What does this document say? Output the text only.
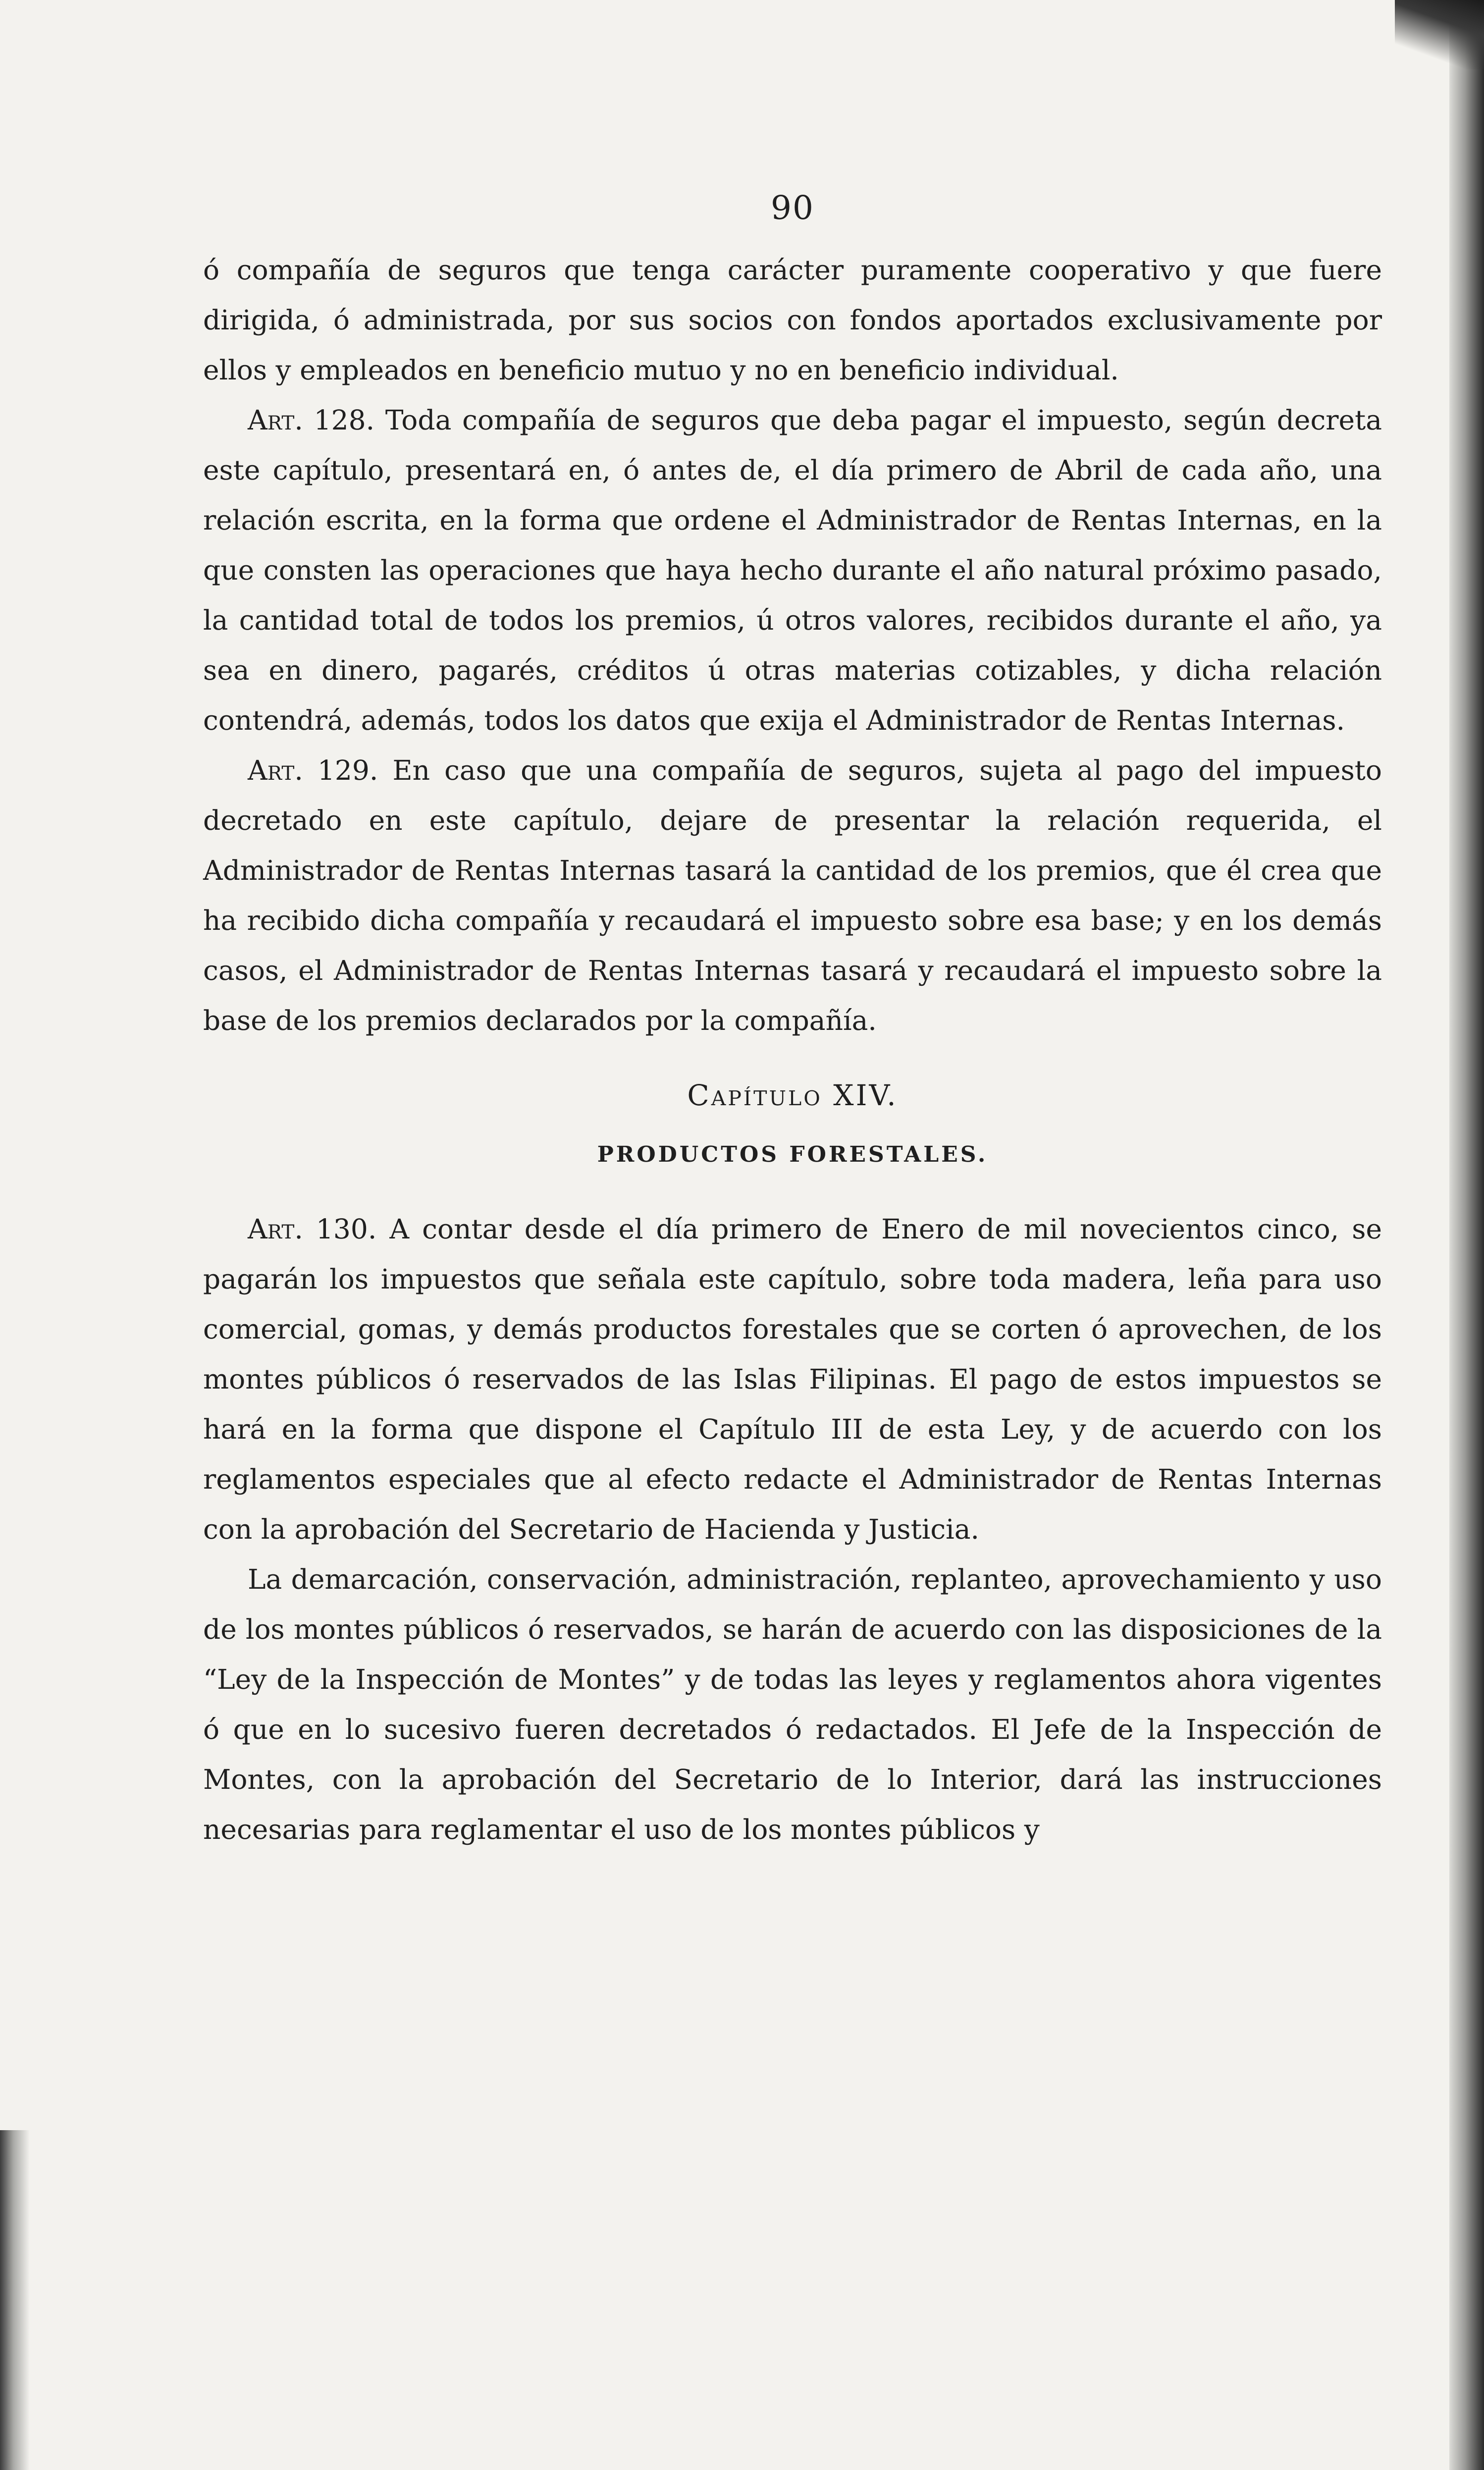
90

ó compañía de seguros que tenga carácter puramente cooperativo y que fuere dirigida, ó administrada, por sus socios con fondos aportados exclusivamente por ellos y empleados en beneficio mutuo y no en beneficio individual.

Art. 128. Toda compañía de seguros que deba pagar el impuesto, según decreta este capítulo, presentará en, ó antes de, el día primero de Abril de cada año, una relación escrita, en la forma que ordene el Administrador de Rentas Internas, en la que consten las operaciones que haya hecho durante el año natural próximo pasado, la cantidad total de todos los premios, ú otros valores, recibidos durante el año, ya sea en dinero, pagarés, créditos ú otras materias cotizables, y dicha relación contendrá, además, todos los datos que exija el Administrador de Rentas Internas.

Art. 129. En caso que una compañía de seguros, sujeta al pago del impuesto decretado en este capítulo, dejare de presentar la relación requerida, el Administrador de Rentas Internas tasará la cantidad de los premios, que él crea que ha recibido dicha compañía y recaudará el impuesto sobre esa base; y en los demás casos, el Administrador de Rentas Internas tasará y recaudará el impuesto sobre la base de los premios declarados por la compañía.

Capítulo XIV.
PRODUCTOS FORESTALES.

Art. 130. A contar desde el día primero de Enero de mil novecientos cinco, se pagarán los impuestos que señala este capítulo, sobre toda madera, leña para uso comercial, gomas, y demás productos forestales que se corten ó aprovechen, de los montes públicos ó reservados de las Islas Filipinas. El pago de estos impuestos se hará en la forma que dispone el Capítulo III de esta Ley, y de acuerdo con los reglamentos especiales que al efecto redacte el Administrador de Rentas Internas con la aprobación del Secretario de Hacienda y Justicia.

La demarcación, conservación, administración, replanteo, aprovechamiento y uso de los montes públicos ó reservados, se harán de acuerdo con las disposiciones de la “Ley de la Inspección de Montes” y de todas las leyes y reglamentos ahora vigentes ó que en lo sucesivo fueren decretados ó redactados. El Jefe de la Inspección de Montes, con la aprobación del Secretario de lo Interior, dará las instrucciones necesarias para reglamentar el uso de los montes públicos y
